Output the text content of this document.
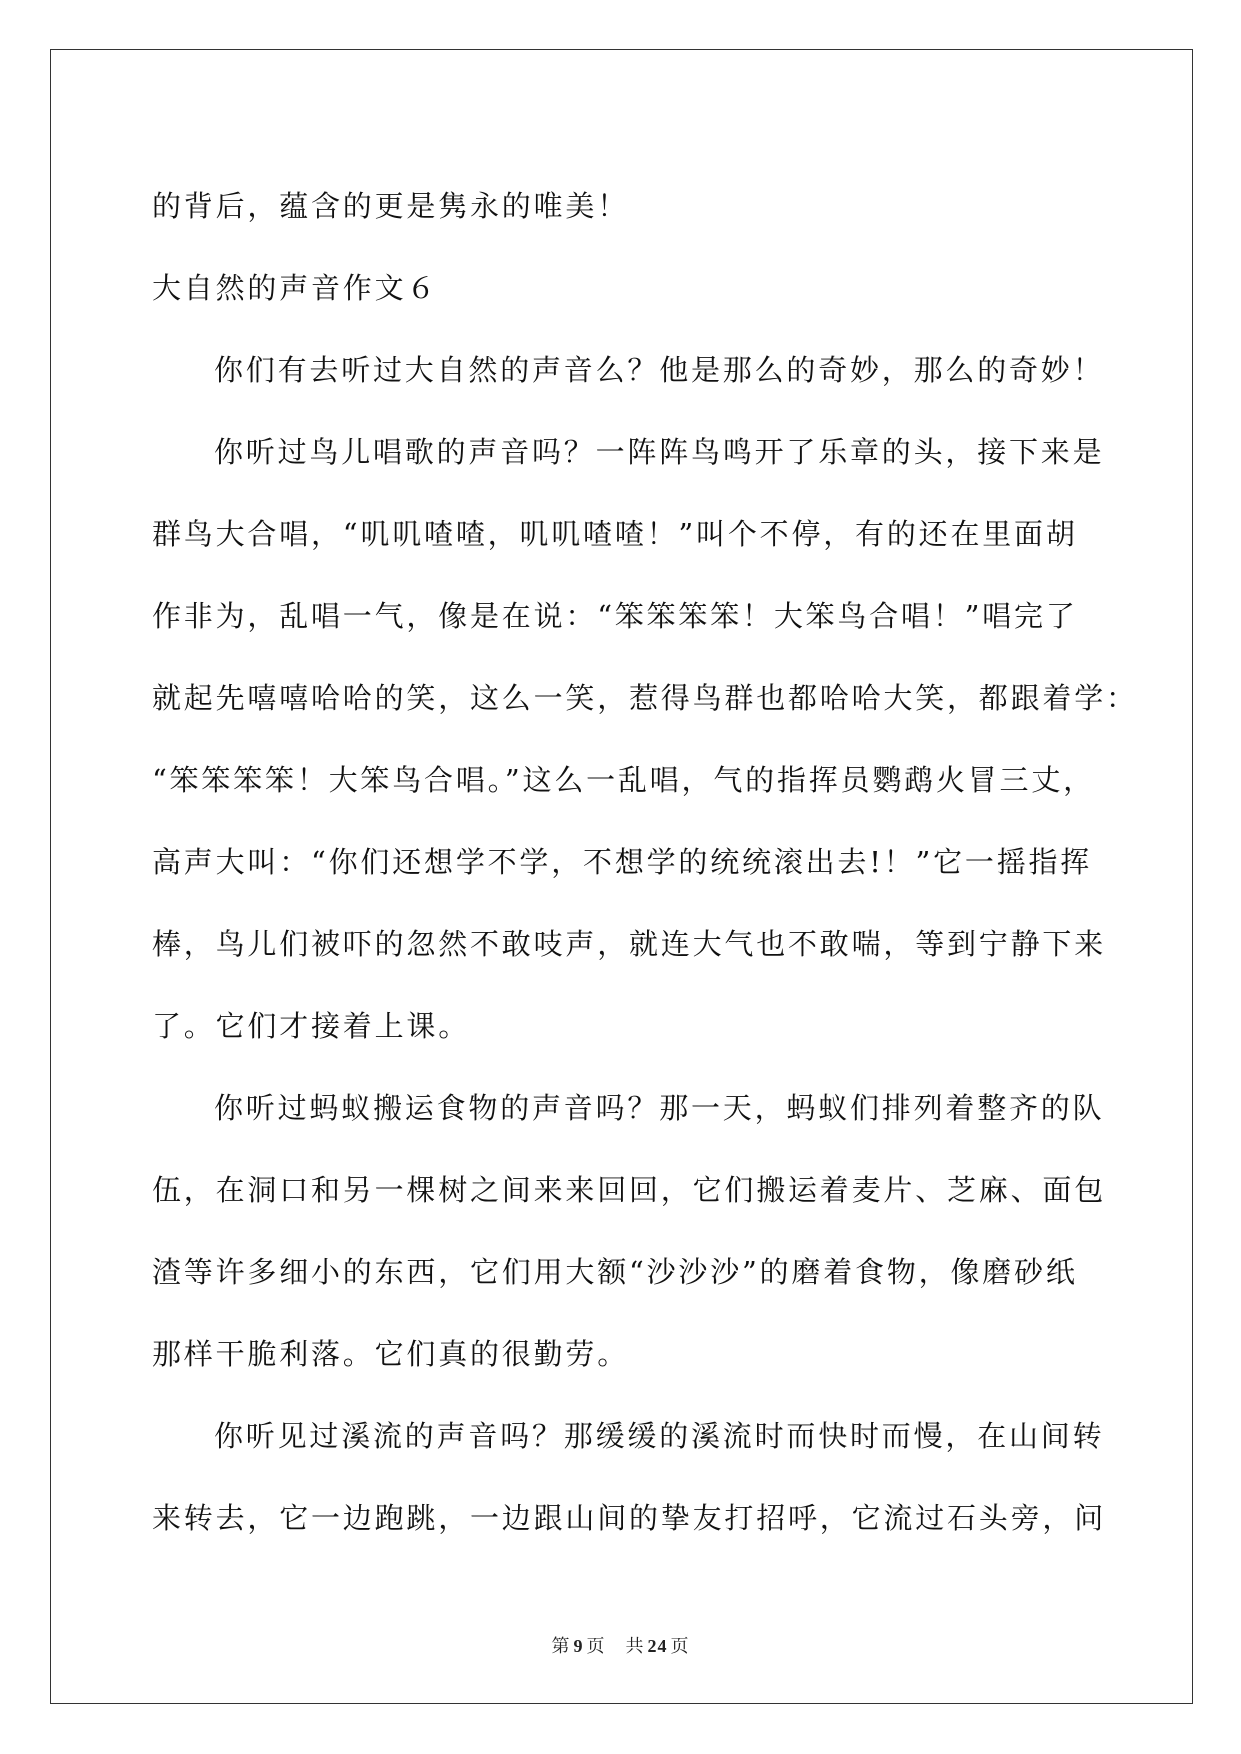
的背后，蕴含的更是隽永的唯美！
大自然的声音作文６
你们有去听过大自然的声音么？他是那么的奇妙，那么的奇妙！
你听过鸟儿唱歌的声音吗？一阵阵鸟鸣开了乐章的头，接下来是
群鸟大合唱，“叽叽喳喳，叽叽喳喳！”叫个不停，有的还在里面胡
作非为，乱唱一气，像是在说：“笨笨笨笨！大笨鸟合唱！”唱完了
就起先嘻嘻哈哈的笑，这么一笑，惹得鸟群也都哈哈大笑，都跟着学：
“笨笨笨笨！大笨鸟合唱。”这么一乱唱，气的指挥员鹦鹉火冒三丈，
高声大叫：“你们还想学不学，不想学的统统滚出去!！”它一摇指挥
棒，鸟儿们被吓的忽然不敢吱声，就连大气也不敢喘，等到宁静下来
了。它们才接着上课。
你听过蚂蚁搬运食物的声音吗？那一天，蚂蚁们排列着整齐的队
伍，在洞口和另一棵树之间来来回回，它们搬运着麦片、芝麻、面包
渣等许多细小的东西，它们用大额“沙沙沙”的磨着食物，像磨砂纸
那样干脆利落。它们真的很勤劳。
你听见过溪流的声音吗？那缓缓的溪流时而快时而慢，在山间转
来转去，它一边跑跳，一边跟山间的挚友打招呼，它流过石头旁，问
第 9 页 共 24 页
